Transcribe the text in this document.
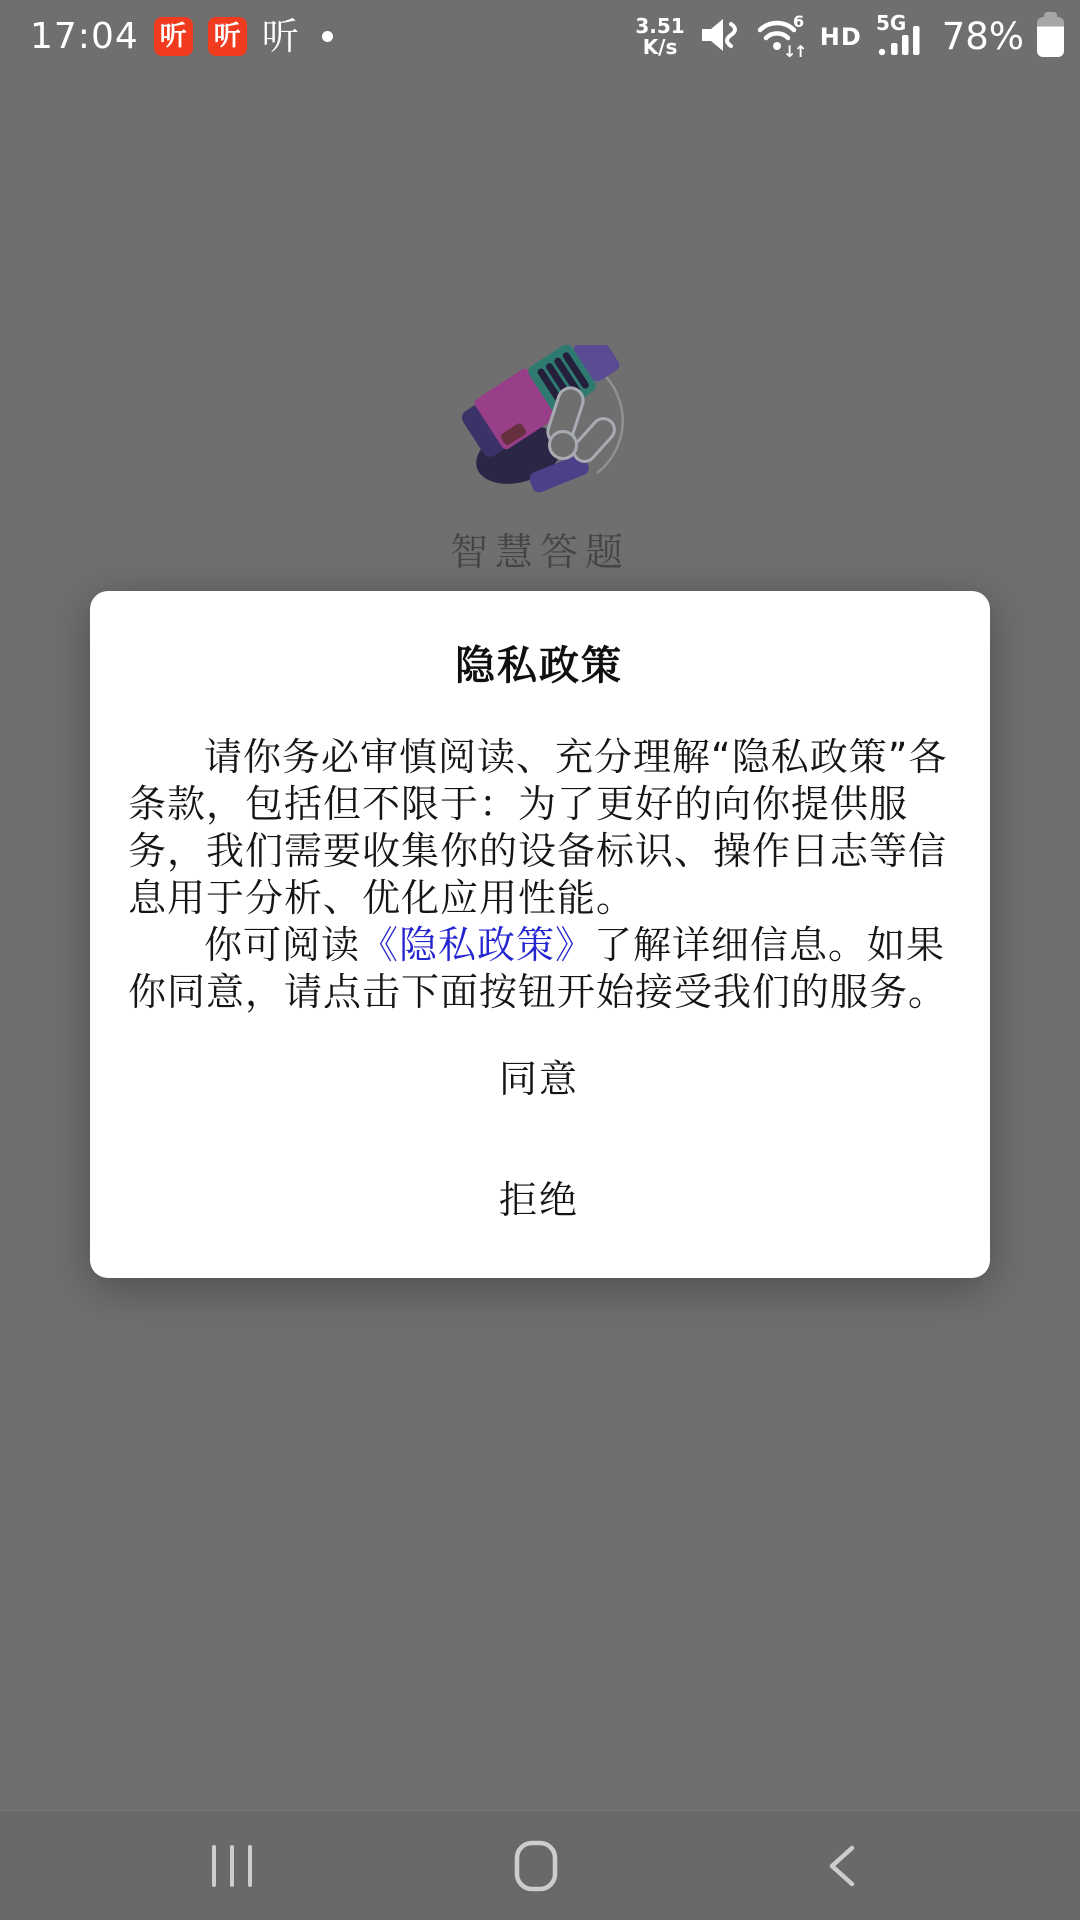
17:04 听 听 听	3.51
K/s
6
↓
↑
HD 5G 78%
智慧答题
隐私政策

请你务必审慎阅读、充分理解“隐私政策”各条款，包括但不限于：为了更好的向你提供服务，我们需要收集你的设备标识、操作日志等信息用于分析、优化应用性能。

你可阅读《隐私政策》了解详细信息。如果你同意，请点击下面按钮开始接受我们的服务。

同意
拒绝
